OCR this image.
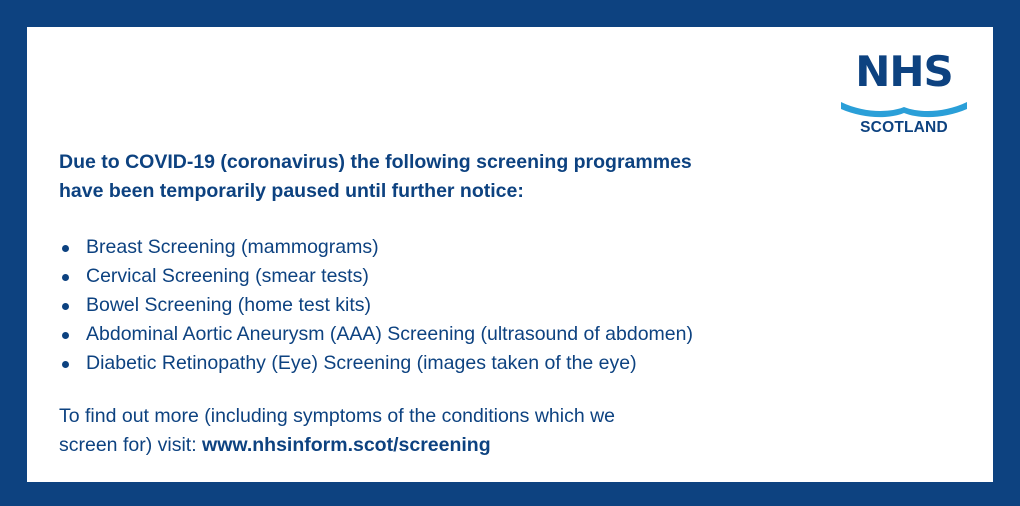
NHS
SCOTLAND
Due to COVID-19 (coronavirus) the following screening programmes
have been temporarily paused until further notice:
Breast Screening (mammograms)
Cervical Screening (smear tests)
Bowel Screening (home test kits)
Abdominal Aortic Aneurysm (AAA) Screening (ultrasound of abdomen)
Diabetic Retinopathy (Eye) Screening (images taken of the eye)
To find out more (including symptoms of the conditions which we
screen for) visit: www.nhsinform.scot/screening
